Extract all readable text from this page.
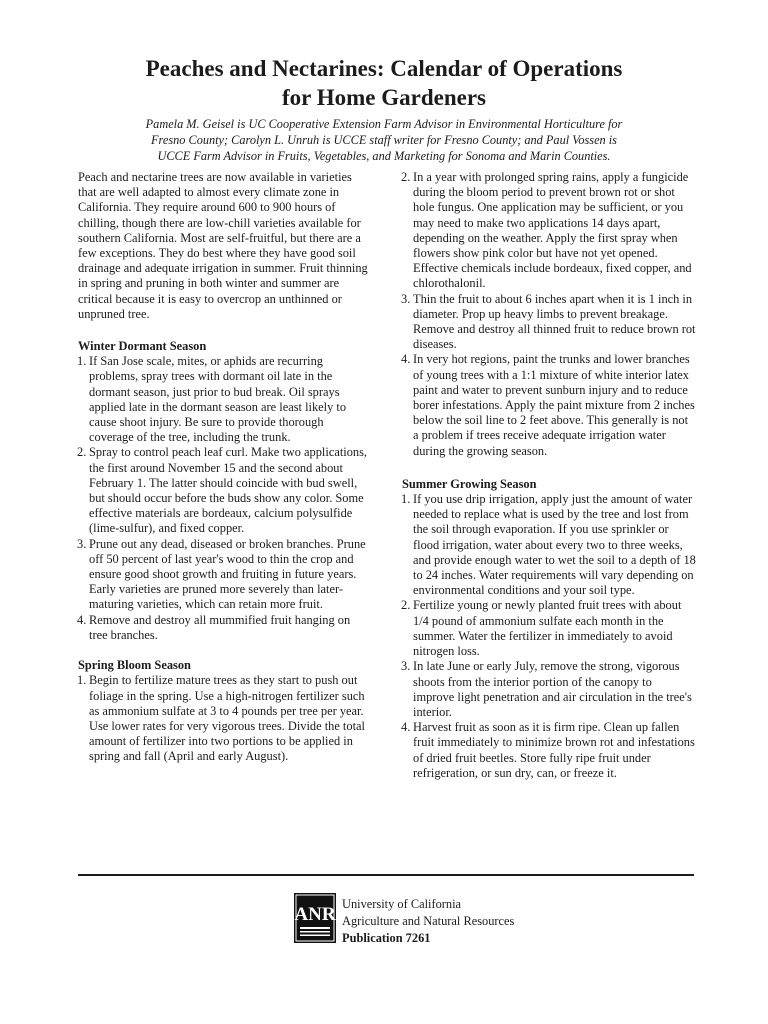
Peaches and Nectarines: Calendar of Operations
for Home Gardeners
Pamela M. Geisel is UC Cooperative Extension Farm Advisor in Environmental Horticulture for
Fresno County; Carolyn L. Unruh is UCCE staff writer for Fresno County; and Paul Vossen is
UCCE Farm Advisor in Fruits, Vegetables, and Marketing for Sonoma and Marin Counties.

Peach and nectarine trees are now available in varieties that are well adapted to almost every climate zone in California. They require around 600 to 900 hours of chilling, though there are low-chill varieties available for southern California. Most are self-fruitful, but there are a few exceptions. They do best where they have good soil drainage and adequate irrigation in summer. Fruit thinning in spring and pruning in both winter and summer are critical because it is easy to overcrop an unthinned or unpruned tree.

Winter Dormant Season
1. If San Jose scale, mites, or aphids are recurring problems, spray trees with dormant oil late in the dormant season, just prior to bud break. Oil sprays applied late in the dormant season are least likely to cause shoot injury. Be sure to provide thorough coverage of the tree, including the trunk.
2. Spray to control peach leaf curl. Make two applications, the first around November 15 and the second about February 1. The latter should coincide with bud swell, but should occur before the buds show any color. Some effective materials are bordeaux, calcium polysulfide (lime-sulfur), and fixed copper.
3. Prune out any dead, diseased or broken branches. Prune off 50 percent of last year's wood to thin the crop and ensure good shoot growth and fruiting in future years. Early varieties are pruned more severely than later-maturing varieties, which can retain more fruit.
4. Remove and destroy all mummified fruit hanging on tree branches.
Spring Bloom Season
1. Begin to fertilize mature trees as they start to push out foliage in the spring. Use a high-nitrogen fertilizer such as ammonium sulfate at 3 to 4 pounds per tree per year. Use lower rates for very vigorous trees. Divide the total amount of fertilizer into two portions to be applied in spring and fall (April and early August).
2. In a year with prolonged spring rains, apply a fungicide during the bloom period to prevent brown rot or shot hole fungus. One application may be sufficient, or you may need to make two applications 14 days apart, depending on the weather. Apply the first spray when flowers show pink color but have not yet opened. Effective chemicals include bordeaux, fixed copper, and chlorothalonil.
3. Thin the fruit to about 6 inches apart when it is 1 inch in diameter. Prop up heavy limbs to prevent breakage. Remove and destroy all thinned fruit to reduce brown rot diseases.
4. In very hot regions, paint the trunks and lower branches of young trees with a 1:1 mixture of white interior latex paint and water to prevent sunburn injury and to reduce borer infestations. Apply the paint mixture from 2 inches below the soil line to 2 feet above. This generally is not a problem if trees receive adequate irrigation water during the growing season.
Summer Growing Season
1. If you use drip irrigation, apply just the amount of water needed to replace what is used by the tree and lost from the soil through evaporation. If you use sprinkler or flood irrigation, water about every two to three weeks, and provide enough water to wet the soil to a depth of 18 to 24 inches. Water requirements will vary depending on environmental conditions and your soil type.
2. Fertilize young or newly planted fruit trees with about 1/4 pound of ammonium sulfate each month in the summer. Water the fertilizer in immediately to avoid nitrogen loss.
3. In late June or early July, remove the strong, vigorous shoots from the interior portion of the canopy to improve light penetration and air circulation in the tree's interior.
4. Harvest fruit as soon as it is firm ripe. Clean up fallen fruit immediately to minimize brown rot and infestations of dried fruit beetles. Store fully ripe fruit under refrigeration, or sun dry, can, or freeze it.
ANR University of California
Agriculture and Natural Resources
Publication 7261
